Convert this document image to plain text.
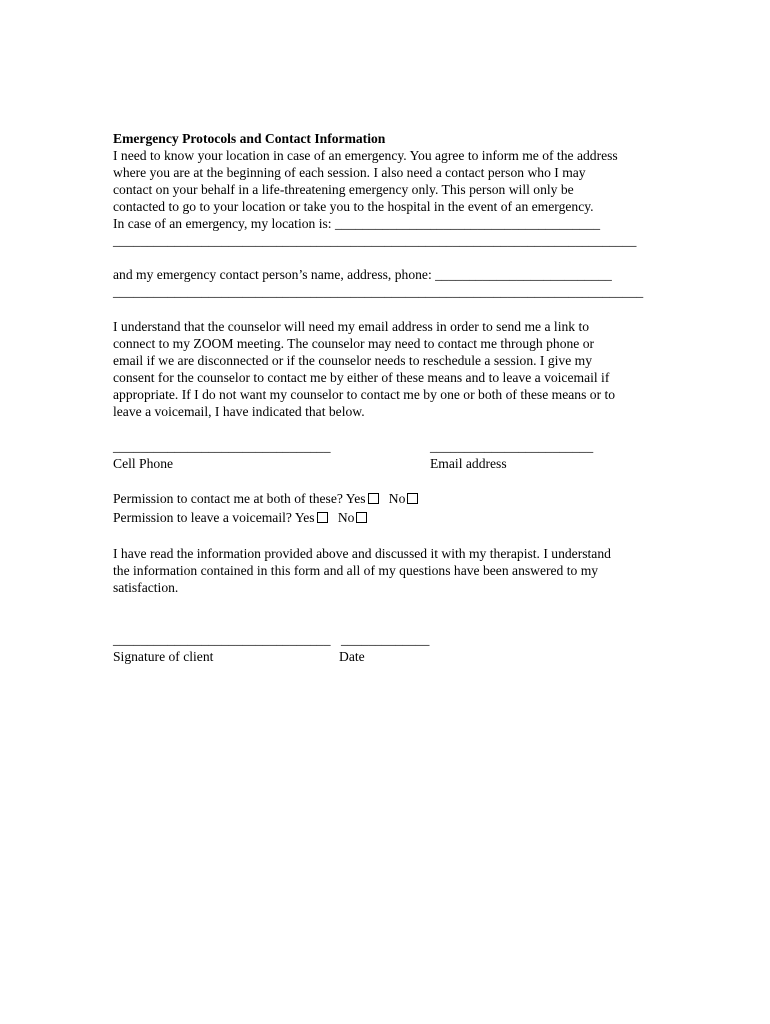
Emergency Protocols and Contact Information

I need to know your location in case of an emergency. You agree to inform me of the address

where you are at the beginning of each session. I also need a contact person who I may

contact on your behalf in a life-threatening emergency only. This person will only be

contacted to go to your location or take you to the hospital in the event of an emergency.

In case of an emergency, my location is: _______________________________________

_____________________________________________________________________________

and my emergency contact person’s name, address, phone: __________________________

______________________________________________________________________________

I understand that the counselor will need my email address in order to send me a link to

connect to my ZOOM meeting. The counselor may need to contact me through phone or

email if we are disconnected or if the counselor needs to reschedule a session. I give my

consent for the counselor to contact me by either of these means and to leave a voicemail if

appropriate. If I do not want my counselor to contact me by one or both of these means or to

leave a voicemail, I have indicated that below.

________________________________	________________________

Cell Phone	Email address

Permission to contact me at both of these? Yes No

Permission to leave a voicemail? Yes No

I have read the information provided above and discussed it with my therapist. I understand

the information contained in this form and all of my questions have been answered to my

satisfaction.

________________________________ _____________

Signature of client	Date
